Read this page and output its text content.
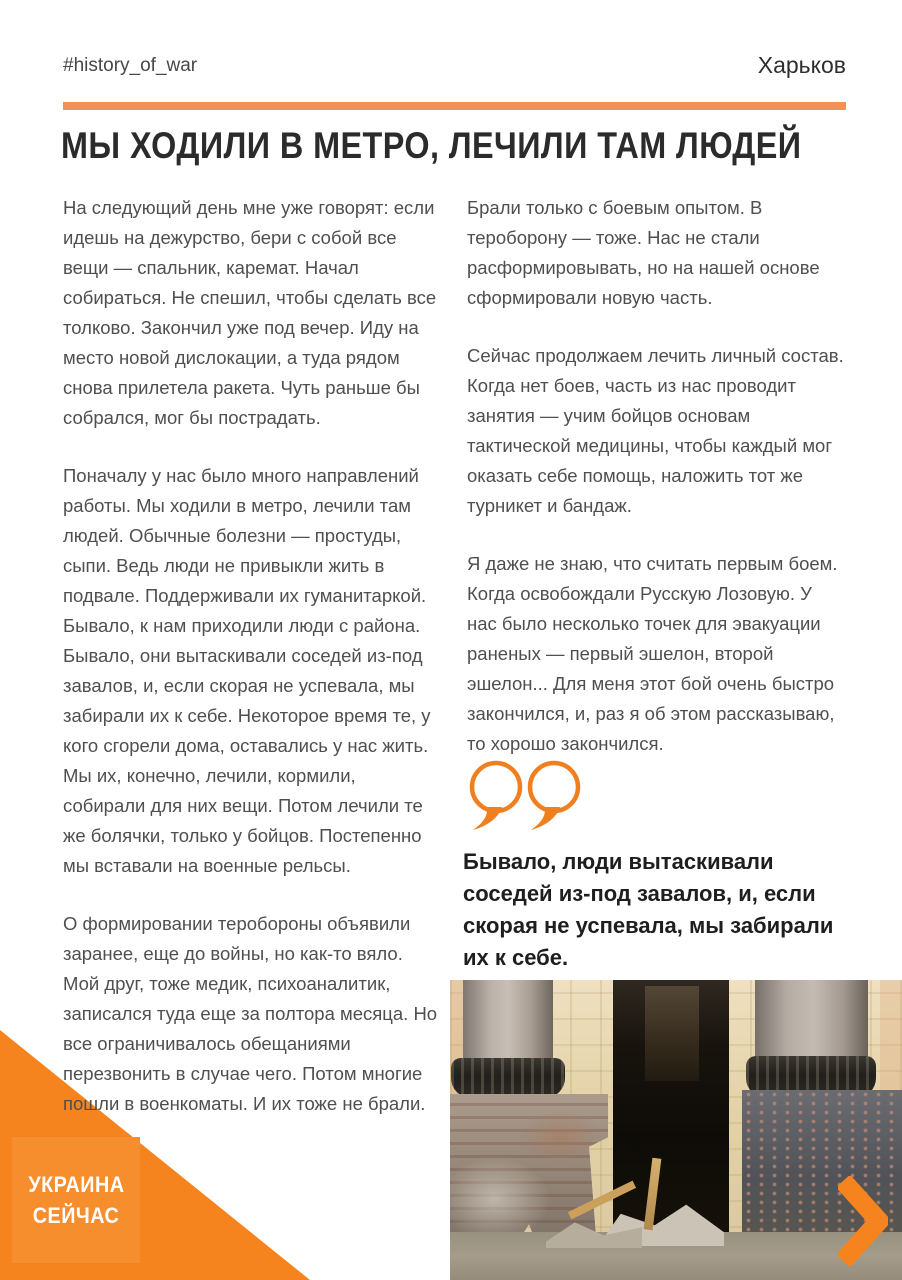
#history_of_war	Харьков
МЫ ХОДИЛИ В МЕТРО, ЛЕЧИЛИ ТАМ ЛЮДЕЙ

На следующий день мне уже говорят: если идешь на дежурство, бери с собой все вещи — спальник, каремат. Начал собираться. Не спешил, чтобы сделать все толково. Закончил уже под вечер. Иду на место новой дислокации, а туда рядом снова прилетела ракета. Чуть раньше бы собрался, мог бы пострадать.

Поначалу у нас было много направлений работы. Мы ходили в метро, лечили там людей. Обычные болезни — простуды, сыпи. Ведь люди не привыкли жить в подвале. Поддерживали их гуманитаркой. Бывало, к нам приходили люди с района. Бывало, они вытаскивали соседей из-под завалов, и, если скорая не успевала, мы забирали их к себе. Некоторое время те, у кого сгорели дома, оставались у нас жить. Мы их, конечно, лечили, кормили, собирали для них вещи. Потом лечили те же болячки, только у бойцов. Постепенно мы вставали на военные рельсы.

О формировании теробороны объявили заранее, еще до войны, но как-то вяло. Мой друг, тоже медик, психоаналитик, записался туда еще за полтора месяца. Но все ограничивалось обещаниями перезвонить в случае чего. Потом многие пошли в военкоматы. И их тоже не брали.

Брали только с боевым опытом. В тероборону — тоже. Нас не стали расформировывать, но на нашей основе сформировали новую часть.

Сейчас продолжаем лечить личный состав. Когда нет боев, часть из нас проводит занятия — учим бойцов основам тактической медицины, чтобы каждый мог оказать себе помощь, наложить тот же турникет и бандаж.

Я даже не знаю, что считать первым боем. Когда освобождали Русскую Лозовую. У нас было несколько точек для эвакуации раненых — первый эшелон, второй эшелон... Для меня этот бой очень быстро закончился, и, раз я об этом рассказываю, то хорошо закончился.

Бывало, люди вытаскивали соседей из-под завалов, и, если скорая не успевала, мы забирали их к себе.

УКРАИНА
СЕЙЧАС
